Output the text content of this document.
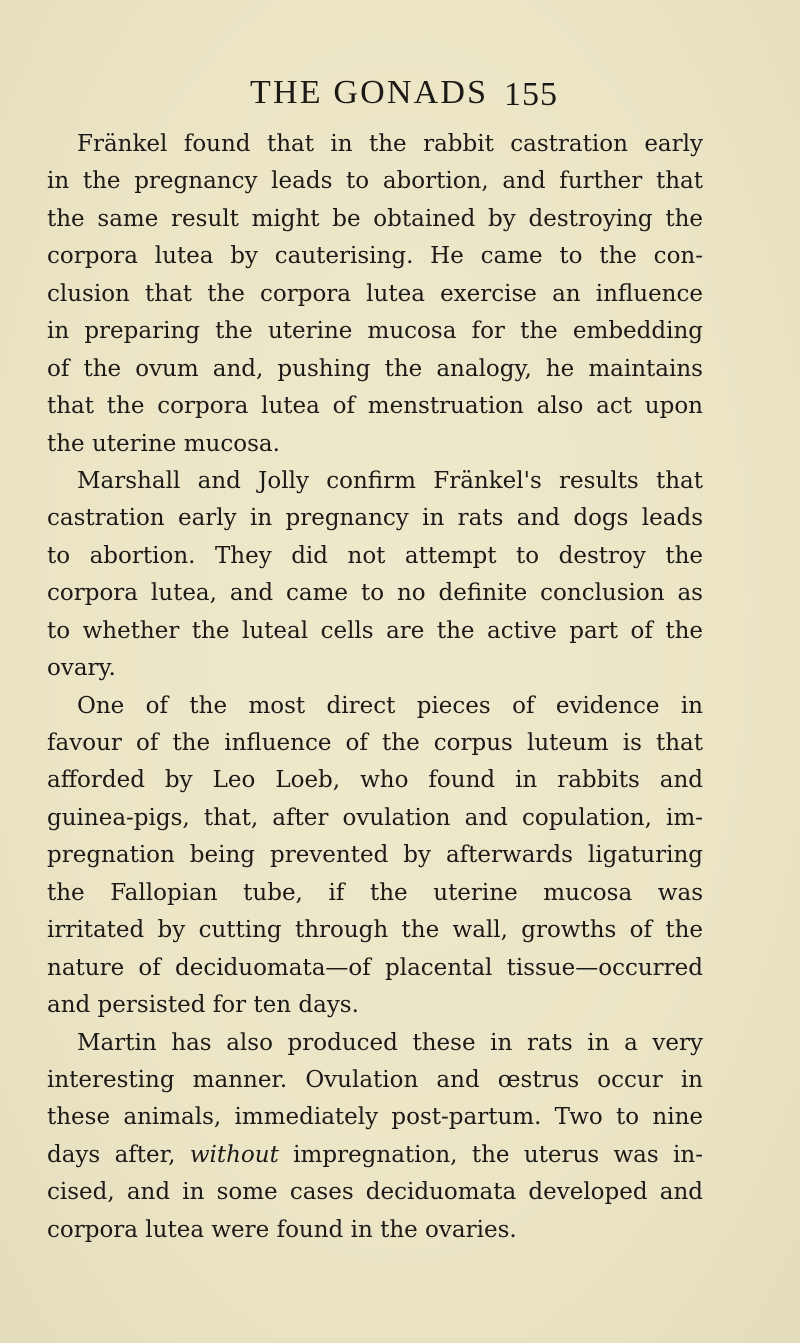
THE GONADS 155
Fränkel found that in the rabbit castration early
in the pregnancy leads to abortion, and further that
the same result might be obtained by destroying the
corpora lutea by cauterising. He came to the con-
clusion that the corpora lutea exercise an influence
in preparing the uterine mucosa for the embedding
of the ovum and, pushing the analogy, he maintains
that the corpora lutea of menstruation also act upon
the uterine mucosa.
Marshall and Jolly confirm Fränkel's results that
castration early in pregnancy in rats and dogs leads
to abortion. They did not attempt to destroy the
corpora lutea, and came to no definite conclusion as
to whether the luteal cells are the active part of the
ovary.
One of the most direct pieces of evidence in
favour of the influence of the corpus luteum is that
afforded by Leo Loeb, who found in rabbits and
guinea-pigs, that, after ovulation and copulation, im-
pregnation being prevented by afterwards ligaturing
the Fallopian tube, if the uterine mucosa was
irritated by cutting through the wall, growths of the
nature of deciduomata—of placental tissue—occurred
and persisted for ten days.
Martin has also produced these in rats in a very
interesting manner. Ovulation and œstrus occur in
these animals, immediately post-partum. Two to nine
days after, without impregnation, the uterus was in-
cised, and in some cases deciduomata developed and
corpora lutea were found in the ovaries.
